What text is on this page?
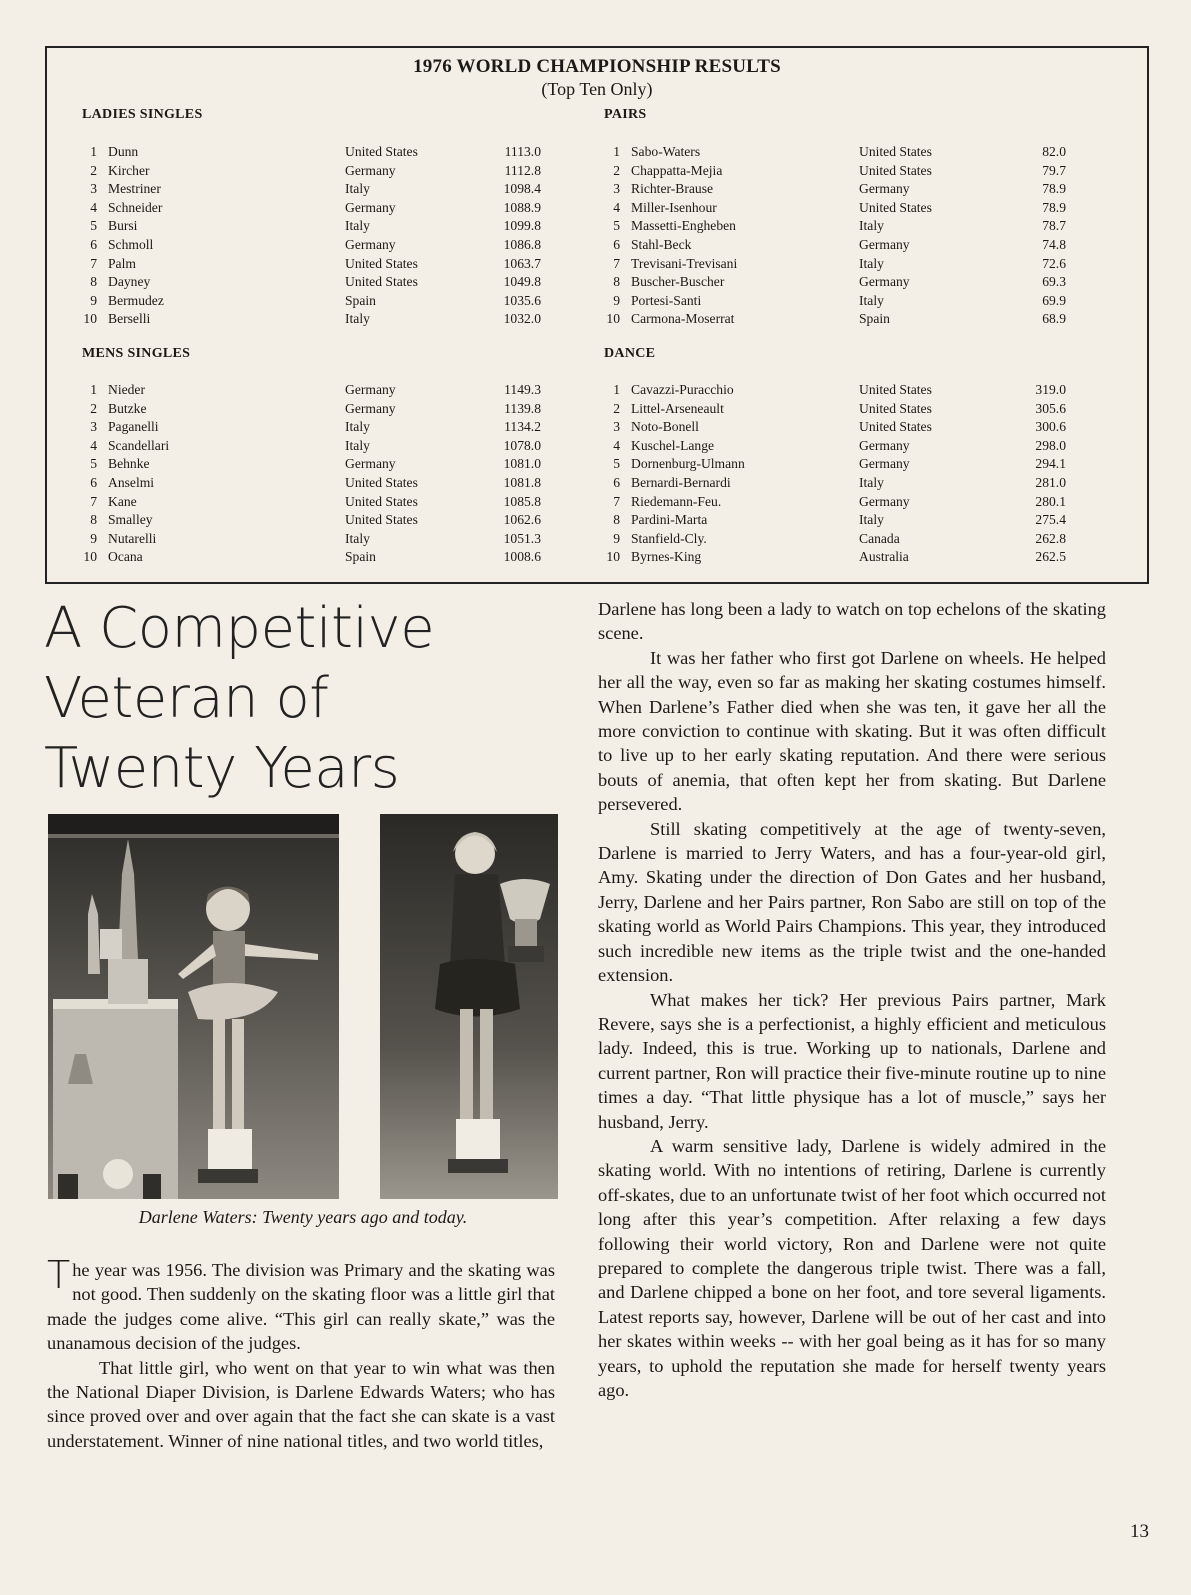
1976 WORLD CHAMPIONSHIP RESULTS
(Top Ten Only)
LADIES SINGLES	PAIRS
1 Dunn	United States	1113.0
2 Kircher	Germany	1112.8
3 Mestriner	Italy	1098.4
4 Schneider	Germany	1088.9
5 Bursi	Italy	1099.8
6 Schmoll	Germany	1086.8
7 Palm	United States	1063.7
8 Dayney	United States	1049.8
9 Bermudez	Spain	1035.6
10 Berselli	Italy	1032.0
1 Sabo-Waters	United States	82.0
2 Chappatta-Mejia	United States	79.7
3 Richter-Brause	Germany	78.9
4 Miller-Isenhour	United States	78.9
5 Massetti-Engheben	Italy	78.7
6 Stahl-Beck	Germany	74.8
7 Trevisani-Trevisani	Italy	72.6
8 Buscher-Buscher	Germany	69.3
9 Portesi-Santi	Italy	69.9
10 Carmona-Moserrat	Spain	68.9
MENS SINGLES	DANCE
1 Nieder	Germany	1149.3
2 Butzke	Germany	1139.8
3 Paganelli	Italy	1134.2
4 Scandellari	Italy	1078.0
5 Behnke	Germany	1081.0
6 Anselmi	United States	1081.8
7 Kane	United States	1085.8
8 Smalley	United States	1062.6
9 Nutarelli	Italy	1051.3
10 Ocana	Spain	1008.6
1 Cavazzi-Puracchio	United States	319.0
2 Littel-Arseneault	United States	305.6
3 Noto-Bonell	United States	300.6
4 Kuschel-Lange	Germany	298.0
5 Dornenburg-Ulmann	Germany	294.1
6 Bernardi-Bernardi	Italy	281.0
7 Riedemann-Feu.	Germany	280.1
8 Pardini-Marta	Italy	275.4
9 Stanfield-Cly.	Canada	262.8
10 Byrnes-King	Australia	262.5
A Competitive
Veteran of
Twenty Years
Darlene Waters: Twenty years ago and today.

The year was 1956. The division was Primary and the skating was not good. Then suddenly on the skating floor was a little girl that made the judges come alive. “This girl can really skate,” was the unanamous decision of the judges.

That little girl, who went on that year to win what was then the National Diaper Division, is Darlene Edwards Waters; who has since proved over and over again that the fact she can skate is a vast understatement. Winner of nine national titles, and two world titles,

Darlene has long been a lady to watch on top echelons of the skating scene.

It was her father who first got Darlene on wheels. He helped her all the way, even so far as making her skating costumes himself. When Darlene’s Father died when she was ten, it gave her all the more conviction to continue with skating. But it was often difficult to live up to her early skating reputation. And there were serious bouts of anemia, that often kept her from skating. But Darlene persevered.

Still skating competitively at the age of twenty-seven, Darlene is married to Jerry Waters, and has a four-year-old girl, Amy. Skating under the direction of Don Gates and her husband, Jerry, Darlene and her Pairs partner, Ron Sabo are still on top of the skating world as World Pairs Champions. This year, they introduced such incredible new items as the triple twist and the one-handed extension.

What makes her tick? Her previous Pairs partner, Mark Revere, says she is a perfectionist, a highly efficient and meticulous lady. Indeed, this is true. Working up to nationals, Darlene and current partner, Ron will practice their five-minute routine up to nine times a day. “That little physique has a lot of muscle,” says her husband, Jerry.

A warm sensitive lady, Darlene is widely admired in the skating world. With no intentions of retiring, Darlene is currently off-skates, due to an unfortunate twist of her foot which occurred not long after this year’s competition. After relaxing a few days following their world victory, Ron and Darlene were not quite prepared to complete the dangerous triple twist. There was a fall, and Darlene chipped a bone on her foot, and tore several ligaments. Latest reports say, however, Darlene will be out of her cast and into her skates within weeks -- with her goal being as it has for so many years, to uphold the reputation she made for herself twenty years ago.

13
